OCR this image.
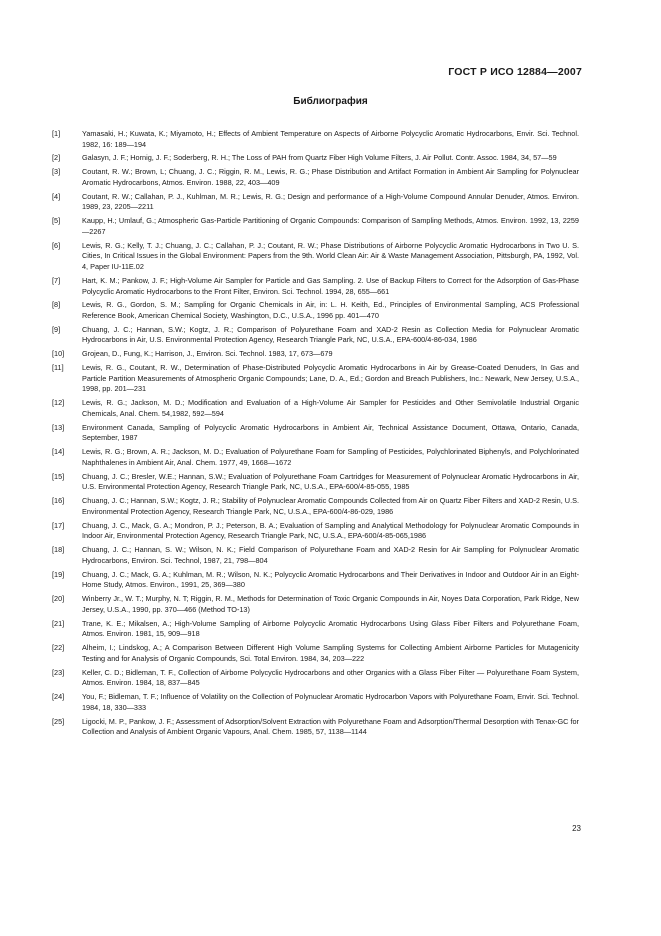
ГОСТ Р ИСО 12884—2007
Библиография
[1]	Yamasaki, H.; Kuwata, K.; Miyamoto, H.; Effects of Ambient Temperature on Aspects of Airborne Polycyclic Aromatic Hydrocarbons, Envir. Sci. Technol. 1982, 16: 189—194
[2]	Galasyn, J. F.; Hornig, J. F.; Soderberg, R. H.; The Loss of PAH from Quartz Fiber High Volume Filters, J. Air Pollut. Contr. Assoc. 1984, 34, 57—59
[3]	Coutant, R. W.; Brown, L; Chuang, J. C.; Riggin, R. M., Lewis, R. G.; Phase Distribution and Artifact Formation in Ambient Air Sampling for Polynuclear Aromatic Hydrocarbons, Atmos. Environ. 1988, 22, 403—409
[4]	Coutant, R. W.; Callahan, P. J., Kuhlman, M. R.; Lewis, R. G.; Design and performance of a High-Volume Compound Annular Denuder, Atmos. Environ. 1989, 23, 2205—2211
[5]	Kaupp, H.; Umlauf, G.; Atmospheric Gas-Particle Partitioning of Organic Compounds: Comparison of Sampling Methods, Atmos. Environ. 1992, 13, 2259—2267
[6]	Lewis, R. G.; Kelly, T. J.; Chuang, J. C.; Callahan, P. J.; Coutant, R. W.; Phase Distributions of Airborne Polycyclic Aromatic Hydrocarbons in Two U. S. Cities, In Critical Issues in the Global Environment: Papers from the 9th. World Clean Air: Air & Waste Management Association, Pittsburgh, PA, 1992, Vol. 4, Paper IU-11E.02
[7]	Hart, K. M.; Pankow, J. F.; High-Volume Air Sampler for Particle and Gas Sampling. 2. Use of Backup Filters to Correct for the Adsorption of Gas-Phase Polycyclic Aromatic Hydrocarbons to the Front Filter, Environ. Sci. Technol. 1994, 28, 655—661
[8]	Lewis, R. G., Gordon, S. M.; Sampling for Organic Chemicals in Air, in: L. H. Keith, Ed., Principles of Environmental Sampling, ACS Professional Reference Book, American Chemical Society, Washington, D.C., U.S.A., 1996 pp. 401—470
[9]	Chuang, J. C.; Hannan, S.W.; Kogtz, J. R.; Comparison of Polyurethane Foam and XAD-2 Resin as Collection Media for Polynuclear Aromatic Hydrocarbons in Air, U.S. Environmental Protection Agency, Research Triangle Park, NC, U.S.A., EPA-600/4-86-034, 1986
[10]	Grojean, D., Fung, K.; Harrison, J., Environ. Sci. Technol. 1983, 17, 673—679
[11]	Lewis, R. G., Coutant, R. W., Determination of Phase-Distributed Polycyclic Aromatic Hydrocarbons in Air by Grease-Coated Denuders, In Gas and Particle Partition Measurements of Atmospheric Organic Compounds; Lane, D. A., Ed.; Gordon and Breach Publishers, Inc.: Newark, New Jersey, U.S.A., 1998, pp. 201—231
[12]	Lewis, R. G.; Jackson, M. D.; Modification and Evaluation of a High-Volume Air Sampler for Pesticides and Other Semivolatile Industrial Organic Chemicals, Anal. Chem. 54,1982, 592—594
[13]	Environment Canada, Sampling of Polycyclic Aromatic Hydrocarbons in Ambient Air, Technical Assistance Document, Ottawa, Ontario, Canada, September, 1987
[14]	Lewis, R. G.; Brown, A. R.; Jackson, M. D.; Evaluation of Polyurethane Foam for Sampling of Pesticides, Polychlorinated Biphenyls, and Polychlorinated Naphthalenes in Ambient Air, Anal. Chem. 1977, 49, 1668—1672
[15]	Chuang, J. C.; Bresler, W.E.; Hannan, S.W.; Evaluation of Polyurethane Foam Cartridges for Measurement of Polynuclear Aromatic Hydrocarbons in Air, U.S. Environmental Protection Agency, Research Triangle Park, NC, U.S.A., EPA-600/4-85-055, 1985
[16]	Chuang, J. C.; Hannan, S.W.; Kogtz, J. R.; Stability of Polynuclear Aromatic Compounds Collected from Air on Quartz Fiber Filters and XAD-2 Resin, U.S. Environmental Protection Agency, Research Triangle Park, NC, U.S.A., EPA-600/4-86-029, 1986
[17]	Chuang, J. C., Mack, G. A.; Mondron, P. J.; Peterson, B. A.; Evaluation of Sampling and Analytical Methodology for Polynuclear Aromatic Compounds in Indoor Air, Environmental Protection Agency, Research Triangle Park, NC, U.S.A., EPA-600/4-85-065,1986
[18]	Chuang, J. C.; Hannan, S. W.; Wilson, N. K.; Field Comparison of Polyurethane Foam and XAD-2 Resin for Air Sampling for Polynuclear Aromatic Hydrocarbons, Environ. Sci. Technol, 1987, 21, 798—804
[19]	Chuang, J. C.; Mack, G. A.; Kuhlman, M. R.; Wilson, N. K.; Polycyclic Aromatic Hydrocarbons and Their Derivatives in Indoor and Outdoor Air in an Eight-Home Study, Atmos. Environ., 1991, 25, 369—380
[20]	Winberry Jr., W. T.; Murphy, N. T; Riggin, R. M., Methods for Determination of Toxic Organic Compounds in Air, Noyes Data Corporation, Park Ridge, New Jersey, U.S.A., 1990, pp. 370—466 (Method TO-13)
[21]	Trane, K. E.; Mikalsen, A.; High-Volume Sampling of Airborne Polycyclic Aromatic Hydrocarbons Using Glass Fiber Filters and Polyurethane Foam, Atmos. Environ. 1981, 15, 909—918
[22]	Alheim, I.; Lindskog, A.; A Comparison Between Different High Volume Sampling Systems for Collecting Ambient Airborne Particles for Mutagenicity Testing and for Analysis of Organic Compounds, Sci. Total Environ. 1984, 34, 203—222
[23]	Keller, C. D.; Bidleman, T. F., Collection of Airborne Polycyclic Hydrocarbons and other Organics with a Glass Fiber Filter — Polyurethane Foam System, Atmos. Environ. 1984, 18, 837—845
[24]	You, F.; Bidleman, T. F.; Influence of Volatility on the Collection of Polynuclear Aromatic Hydrocarbon Vapors with Polyurethane Foam, Envir. Sci. Technol. 1984, 18, 330—333
[25]	Ligocki, M. P., Pankow, J. F.; Assessment of Adsorption/Solvent Extraction with Polyurethane Foam and Adsorption/Thermal Desorption with Tenax-GC for Collection and Analysis of Ambient Organic Vapours, Anal. Chem. 1985, 57, 1138—1144
23
